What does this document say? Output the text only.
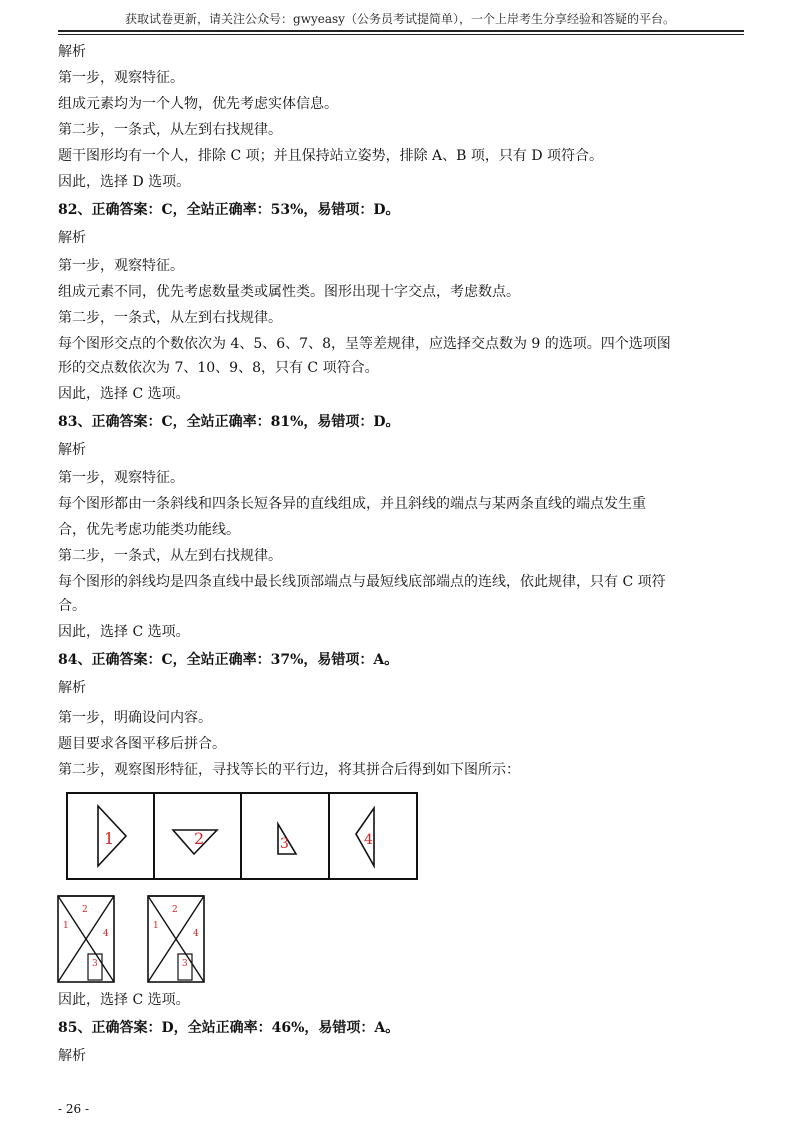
获取试卷更新，请关注公众号：gwyeasy（公务员考试提简单），一个上岸考生分享经验和答疑的平台。
解析
第一步，观察特征。
组成元素均为一个人物，优先考虑实体信息。
第二步，一条式，从左到右找规律。
题干图形均有一个人，排除 C 项；并且保持站立姿势，排除 A、B 项，只有 D 项符合。
因此，选择 D 选项。
82、正确答案：C，全站正确率：53%，易错项：D。
解析
第一步，观察特征。
组成元素不同，优先考虑数量类或属性类。图形出现十字交点，考虑数点。
第二步，一条式，从左到右找规律。
每个图形交点的个数依次为 4、5、6、7、8，呈等差规律，应选择交点数为 9 的选项。四个选项图
形的交点数依次为 7、10、9、8，只有 C 项符合。
因此，选择 C 选项。
83、正确答案：C，全站正确率：81%，易错项：D。
解析
第一步，观察特征。
每个图形都由一条斜线和四条长短各异的直线组成，并且斜线的端点与某两条直线的端点发生重
合，优先考虑功能类功能线。
第二步，一条式，从左到右找规律。
每个图形的斜线均是四条直线中最长线顶部端点与最短线底部端点的连线，依此规律，只有 C 项符
合。
因此，选择 C 选项。
84、正确答案：C，全站正确率：37%，易错项：A。
解析
第一步，明确设问内容。
题目要求各图平移后拼合。
第二步，观察图形特征，寻找等长的平行边，将其拼合后得到如下图所示：
1	2	3	4
1
2
4
3
1
2
4
3
因此，选择 C 选项。
85、正确答案：D，全站正确率：46%，易错项：A。
解析
- 26 -
